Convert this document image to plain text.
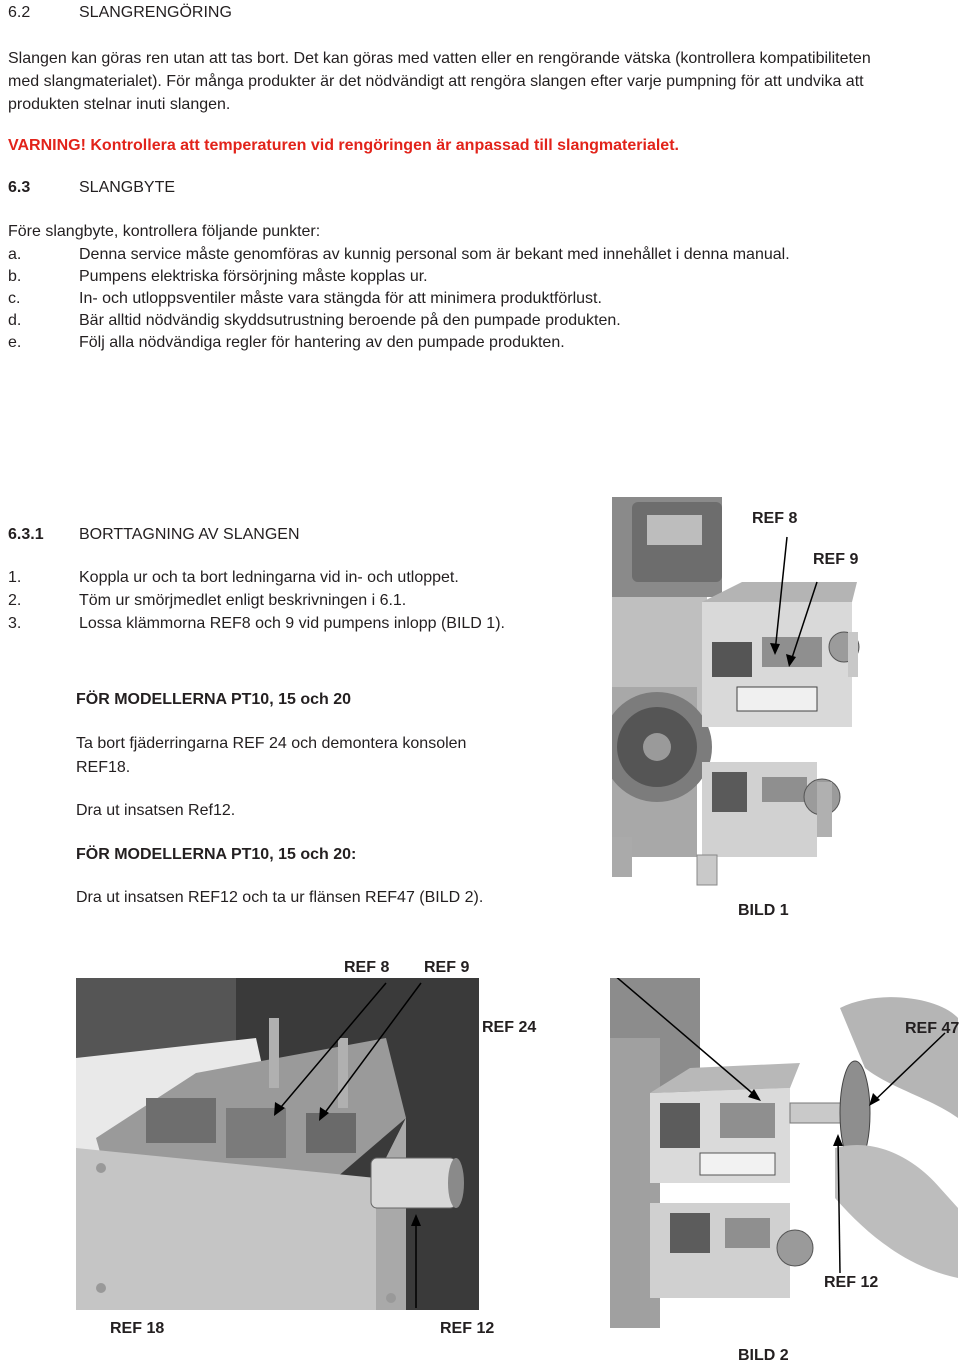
6.2	SLANGRENGÖRING
Slangen kan göras ren utan att tas bort. Det kan göras med vatten eller en rengörande vätska (kontrollera kompatibiliteten
med slangmaterialet). För många produkter är det nödvändigt att rengöra slangen efter varje pumpning för att undvika att
produkten stelnar inuti slangen.
VARNING! Kontrollera att temperaturen vid rengöringen är anpassad till slangmaterialet.
6.3	SLANGBYTE
Före slangbyte, kontrollera följande punkter:
a.	Denna service måste genomföras av kunnig personal som är bekant med innehållet i denna manual.
b.	Pumpens elektriska försörjning måste kopplas ur.
c.	In- och utloppsventiler måste vara stängda för att minimera produktförlust.
d.	Bär alltid nödvändig skyddsutrustning beroende på den pumpade produkten.
e.	Följ alla nödvändiga regler för hantering av den pumpade produkten.
6.3.1 BORTTAGNING AV SLANGEN
1.	Koppla ur och ta bort ledningarna vid in- och utloppet.
2.	Töm ur smörjmedlet enligt beskrivningen i 6.1.
3.	Lossa klämmorna REF8 och 9 vid pumpens inlopp (BILD 1).
FÖR MODELLERNA PT10, 15 och 20
Ta bort fjäderringarna REF 24 och demontera konsolen
REF18.
Dra ut insatsen Ref12.
FÖR MODELLERNA PT10, 15 och 20:
Dra ut insatsen REF12 och ta ur flänsen REF47 (BILD 2).
REF 8
REF 9
BILD 1
REF 8 REF 9
REF 18	REF 12
REF 24	REF 47
REF 12
BILD 2
